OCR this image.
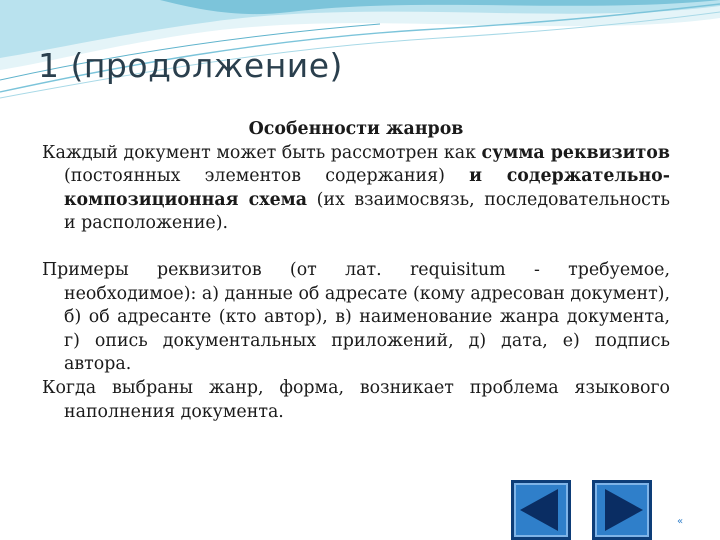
1 (продолжение)

Особенности жанров

Каждый документ может быть рассмотрен как сумма реквизитов (постоянных элементов содержания) и содержательно-композиционная схема (их взаимосвязь, последовательность и расположение).

Примеры реквизитов (от лат. requisitum - требуемое, необходимое): а) данные об адресате (кому адресован документ), б) об адресанте (кто автор), в) наименование жанра документа, г) опись документальных приложений, д) дата, е) подпись автора.

Когда выбраны жанр, форма, возникает проблема языкового наполнения документа.

«
